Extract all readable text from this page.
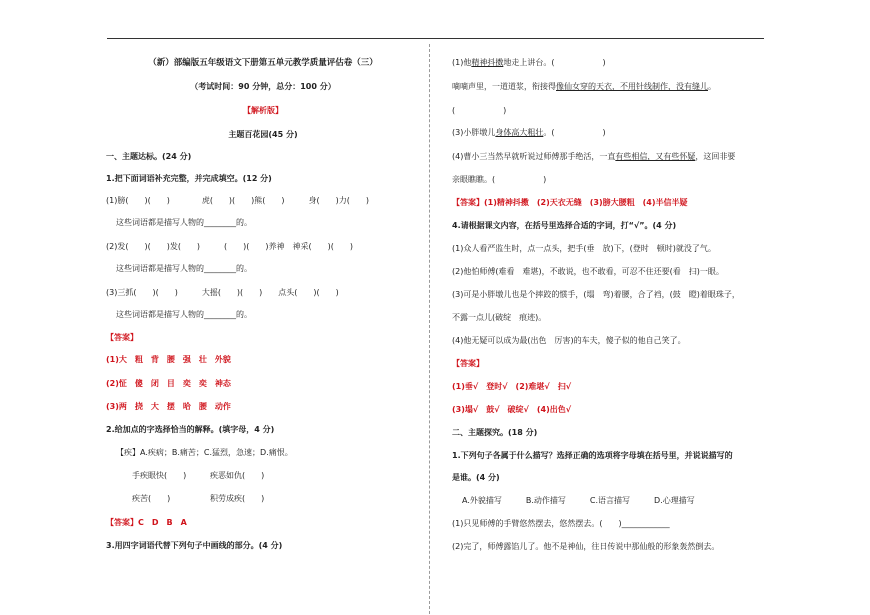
（新）部编版五年级语文下册第五单元教学质量评估卷（三）
（考试时间：90 分钟，总分：100 分）
【解析版】
主题百花园(45 分)
一、主题达标。(24 分)
1.把下面词语补充完整，并完成填空。(12 分)
(1)膀(　　)(　　)　　　　虎(　　)(　　)熊(　　)　　　身(　　)力(　　)
这些词语都是描写人物的________的。
(2)发(　　)(　　)发(　　)　　　(　　)(　　)养神　神采(　　)(　　)
这些词语都是描写人物的________的。
(3)三抓(　　)(　　)　　　大摇(　　)(　　)　　点头(　　)(　　)
这些词语都是描写人物的________的。
【答案】
(1)大　粗　背　腰　强　壮　外貌
(2)怔　傻　闭　目　奕　奕　神态
(3)两　挠　大　摆　哈　腰　动作
2.给加点的字选择恰当的解释。(填字母，4 分)
【疾】A.疾病；B.痛苦；C.猛烈，急速；D.痛恨。
手疾眼快(　　)	疾恶如仇(　　)
疾苦(　　)	积劳成疾(　　)
【答案】C　D　B　A
3.用四字词语代替下列句子中画线的部分。(4 分)
(1)他精神抖擞地走上讲台。(　　　　　　)
嘀嘀声里，一道道浆，衔接得像仙女穿的天衣，不用针线制作，没有缝儿。
(　　　　　　)
(3)小胖墩儿身体高大粗壮。(　　　　　　)
(4)曹小三当然早就听说过师傅那手绝活，一直有些相信，又有些怀疑，这回非要
亲眼瞧瞧。(　　　　　　)
【答案】(1)精神抖擞　(2)天衣无缝　(3)膀大腰粗　(4)半信半疑
4.请根据课文内容，在括号里选择合适的字词，打“√”。(4 分)
(1)众人看严监生时，点一点头，把手(垂　放)下，(登时　顿时)就没了气。
(2)他怕师傅(难看　难堪)，不敢说，也不敢看，可忍不住还要(看　扫)一眼。
(3)可是小胖墩儿也是个摔跤的惯手，(塌　弯)着腰，合了裆，(鼓　瞪)着眼珠子，
不露一点儿(破绽　痕迹)。
(4)他无疑可以成为最(出色　厉害)的车夫，傻子似的他自己笑了。
【答案】
(1)垂√　登时√　(2)难堪√　扫√
(3)塌√　鼓√　破绽√　(4)出色√
二、主题探究。(18 分)
1.下列句子各属于什么描写？选择正确的选项将字母填在括号里，并说说描写的
是谁。(4 分)
A.外貌描写　　　B.动作描写　　　C.语言描写　　　D.心理描写
(1)只见师傅的手臂悠然摆去，悠然摆去。(　　)____________
(2)完了，师傅露馅儿了。他不是神仙，往日传说中那仙般的形象轰然倒去。
